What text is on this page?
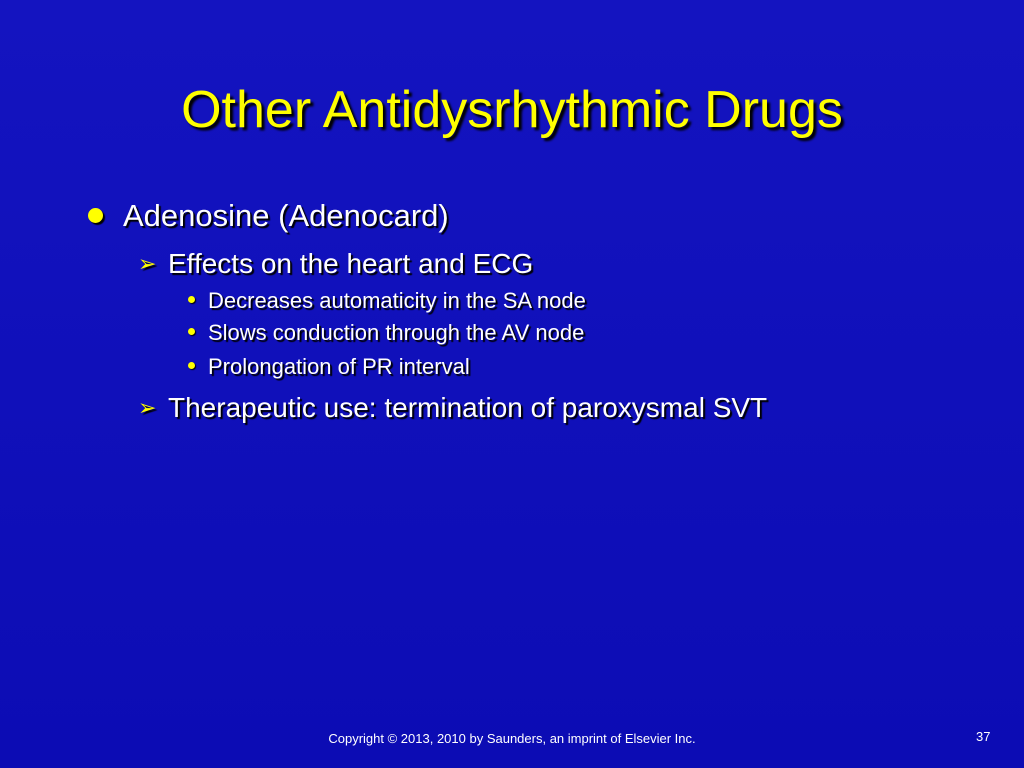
Other Antidysrhythmic Drugs
Adenosine (Adenocard)
➢ Effects on the heart and ECG
Decreases automaticity in the SA node
Slows conduction through the AV node
Prolongation of PR interval
➢ Therapeutic use: termination of paroxysmal SVT
Copyright © 2013, 2010 by Saunders, an imprint of Elsevier Inc.	37
